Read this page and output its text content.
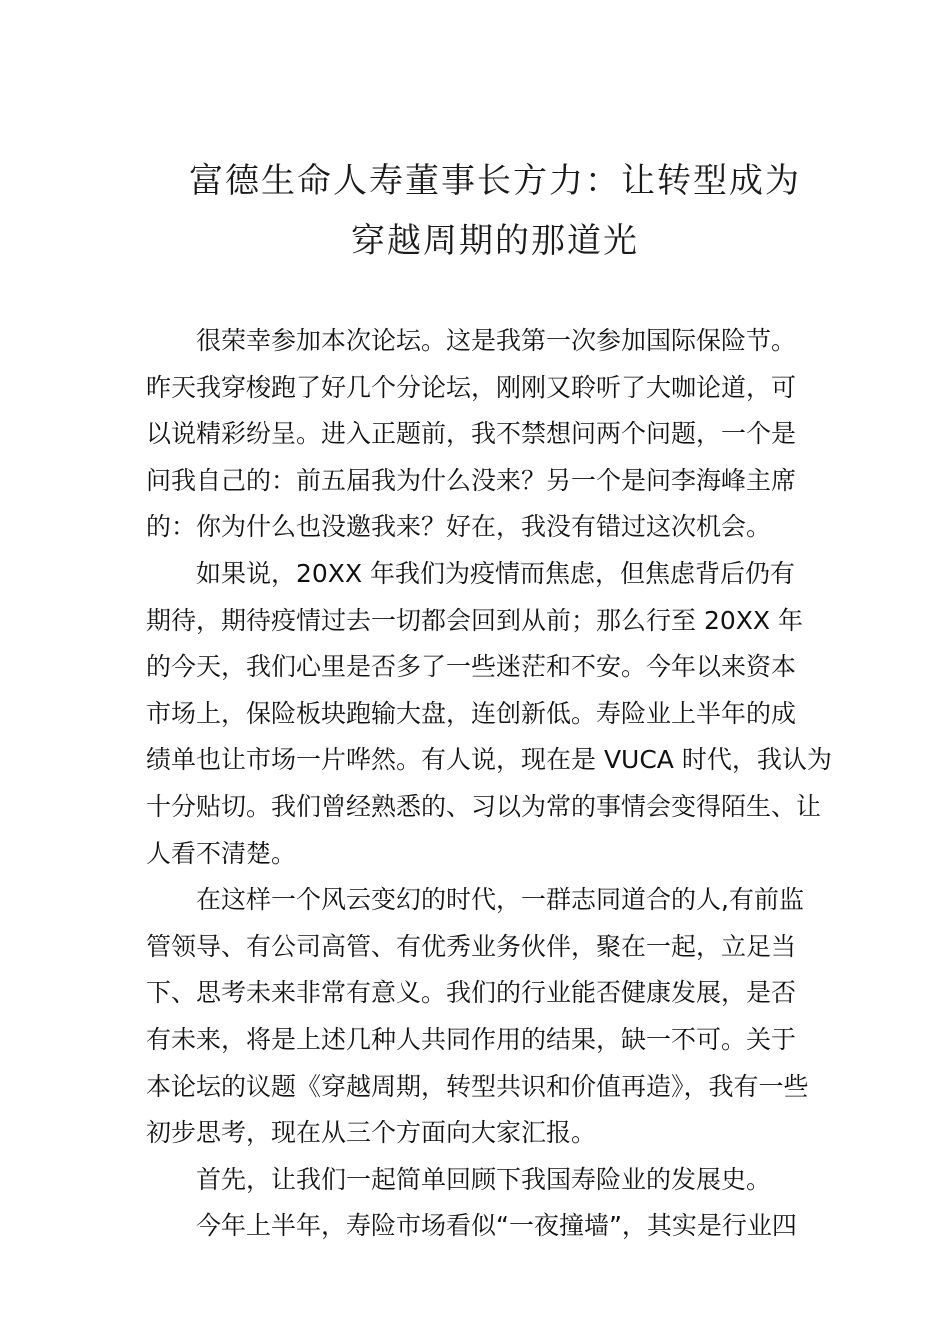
富德生命人寿董事长方力：让转型成为
穿越周期的那道光
很荣幸参加本次论坛。这是我第一次参加国际保险节。
昨天我穿梭跑了好几个分论坛，刚刚又聆听了大咖论道，可
以说精彩纷呈。进入正题前，我不禁想问两个问题，一个是
问我自己的：前五届我为什么没来？另一个是问李海峰主席
的：你为什么也没邀我来？好在，我没有错过这次机会。
如果说，20XX 年我们为疫情而焦虑，但焦虑背后仍有
期待，期待疫情过去一切都会回到从前；那么行至 20XX 年
的今天，我们心里是否多了一些迷茫和不安。今年以来资本
市场上，保险板块跑输大盘，连创新低。寿险业上半年的成
绩单也让市场一片哗然。有人说，现在是 VUCA 时代，我认为
十分贴切。我们曾经熟悉的、习以为常的事情会变得陌生、让
人看不清楚。
在这样一个风云变幻的时代，一群志同道合的人,有前监
管领导、有公司高管、有优秀业务伙伴，聚在一起，立足当
下、思考未来非常有意义。我们的行业能否健康发展，是否
有未来，将是上述几种人共同作用的结果，缺一不可。关于
本论坛的议题《穿越周期，转型共识和价值再造》，我有一些
初步思考，现在从三个方面向大家汇报。
首先，让我们一起简单回顾下我国寿险业的发展史。
今年上半年，寿险市场看似“一夜撞墙”，其实是行业四
